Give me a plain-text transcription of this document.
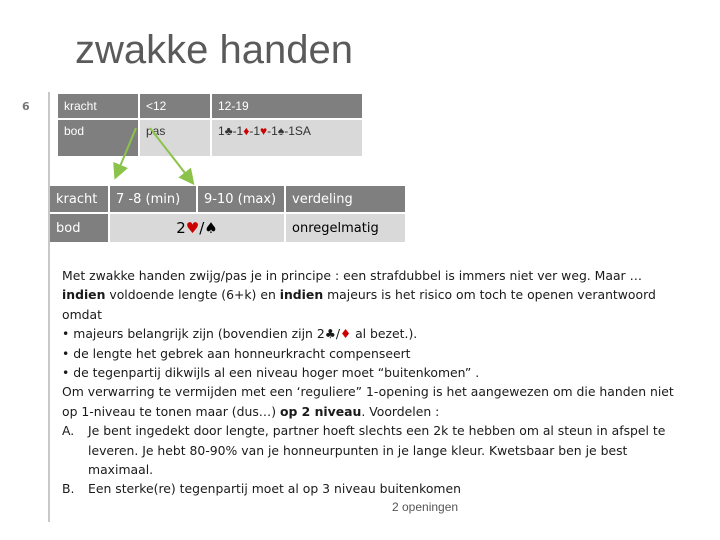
zwakke handen
6	kracht	<12	12-19
bod	pas	1 ♣ -1 ♦ -1 ♥ -1 ♠ -1SA
kracht	7 -8 (min)	9-10 (max)	verdeling
bod	2 ♥ / ♠	onregelmatig

Met zwakke handen zwijg/pas je in principe : een strafdubbel is immers niet ver weg. Maar …
indien voldoende lengte (6+k) en indien majeurs is het risico om toch te openen verantwoord omdat

• majeurs belangrijk zijn (bovendien zijn 2♣/♦ al bezet.).

• de lengte het gebrek aan honneurkracht compenseert

• de tegenpartij dikwijls al een niveau hoger moet “buitenkomen” .

Om verwarring te vermijden met een ‘reguliere” 1-opening is het aangewezen om die handen niet op 1-niveau te tonen maar (dus…) op 2 niveau. Voordelen :

A. Je bent ingedekt door lengte, partner hoeft slechts een 2k te hebben om al steun in afspel te leveren. Je hebt 80-90% van je honneurpunten in je lange kleur. Kwetsbaar ben je best maximaal.

B. Een sterke(re) tegenpartij moet al op 3 niveau buitenkomen

2 openingen
